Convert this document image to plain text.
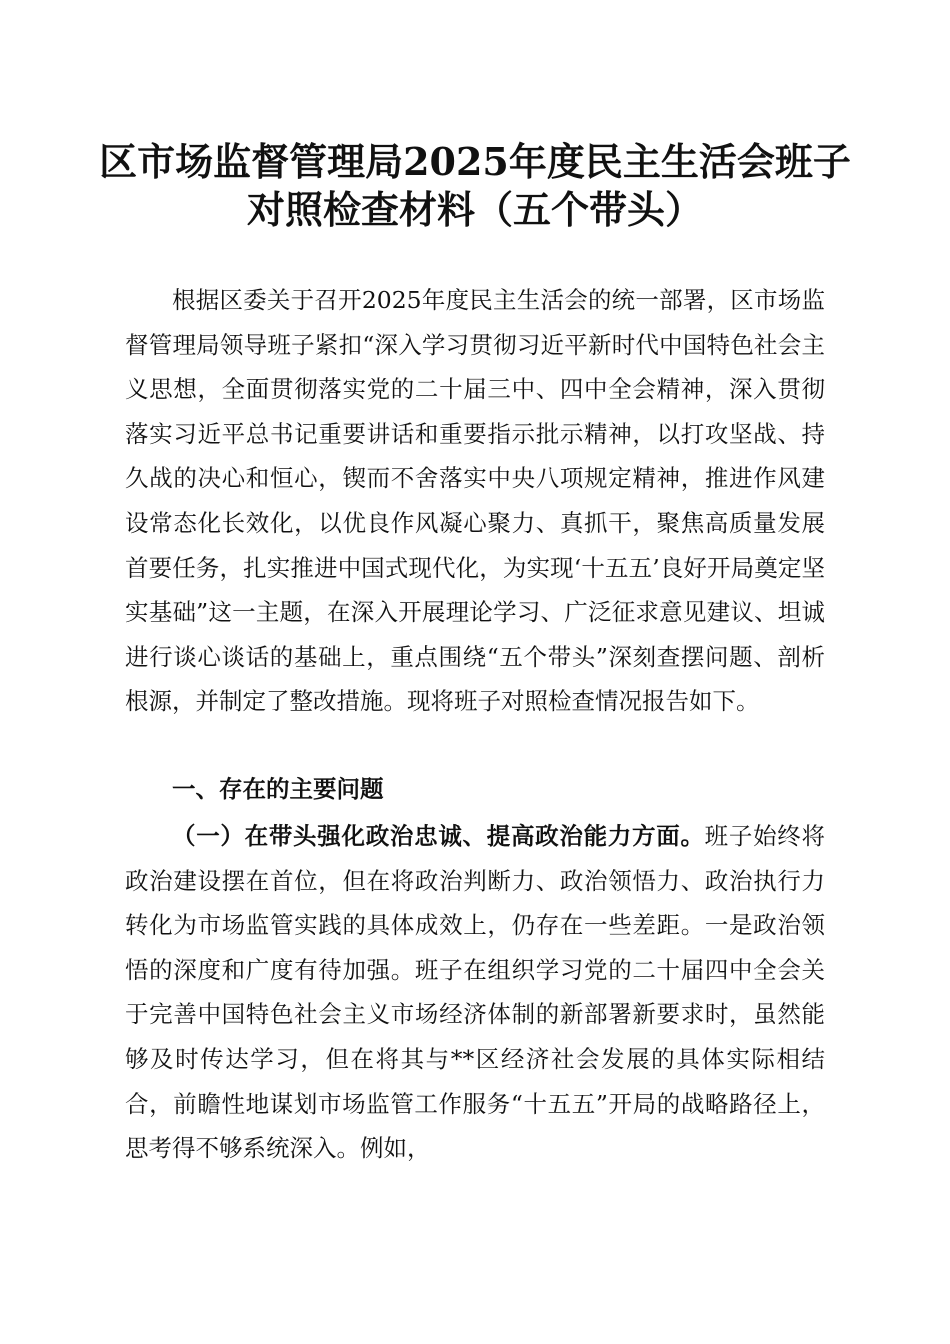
区市场监督管理局2025年度民主生活会班子
对照检查材料（五个带头）

根据区委关于召开2025年度民主生活会的统一部署，区市场监督管理局领导班子紧扣“深入学习贯彻习近平新时代中国特色社会主义思想，全面贯彻落实党的二十届三中、四中全会精神，深入贯彻落实习近平总书记重要讲话和重要指示批示精神，以打攻坚战、持久战的决心和恒心，锲而不舍落实中央八项规定精神，推进作风建设常态化长效化，以优良作风凝心聚力、真抓干，聚焦高质量发展首要任务，扎实推进中国式现代化，为实现‘十五五’良好开局奠定坚实基础”这一主题，在深入开展理论学习、广泛征求意见建议、坦诚进行谈心谈话的基础上，重点围绕“五个带头”深刻查摆问题、剖析根源，并制定了整改措施。现将班子对照检查情况报告如下。

一、存在的主要问题

（一）在带头强化政治忠诚、提高政治能力方面。班子始终将政治建设摆在首位，但在将政治判断力、政治领悟力、政治执行力转化为市场监管实践的具体成效上，仍存在一些差距。一是政治领悟的深度和广度有待加强。班子在组织学习党的二十届四中全会关于完善中国特色社会主义市场经济体制的新部署新要求时，虽然能够及时传达学习，但在将其与**区经济社会发展的具体实际相结合，前瞻性地谋划市场监管工作服务“十五五”开局的战略路径上，思考得不够系统深入。例如，
